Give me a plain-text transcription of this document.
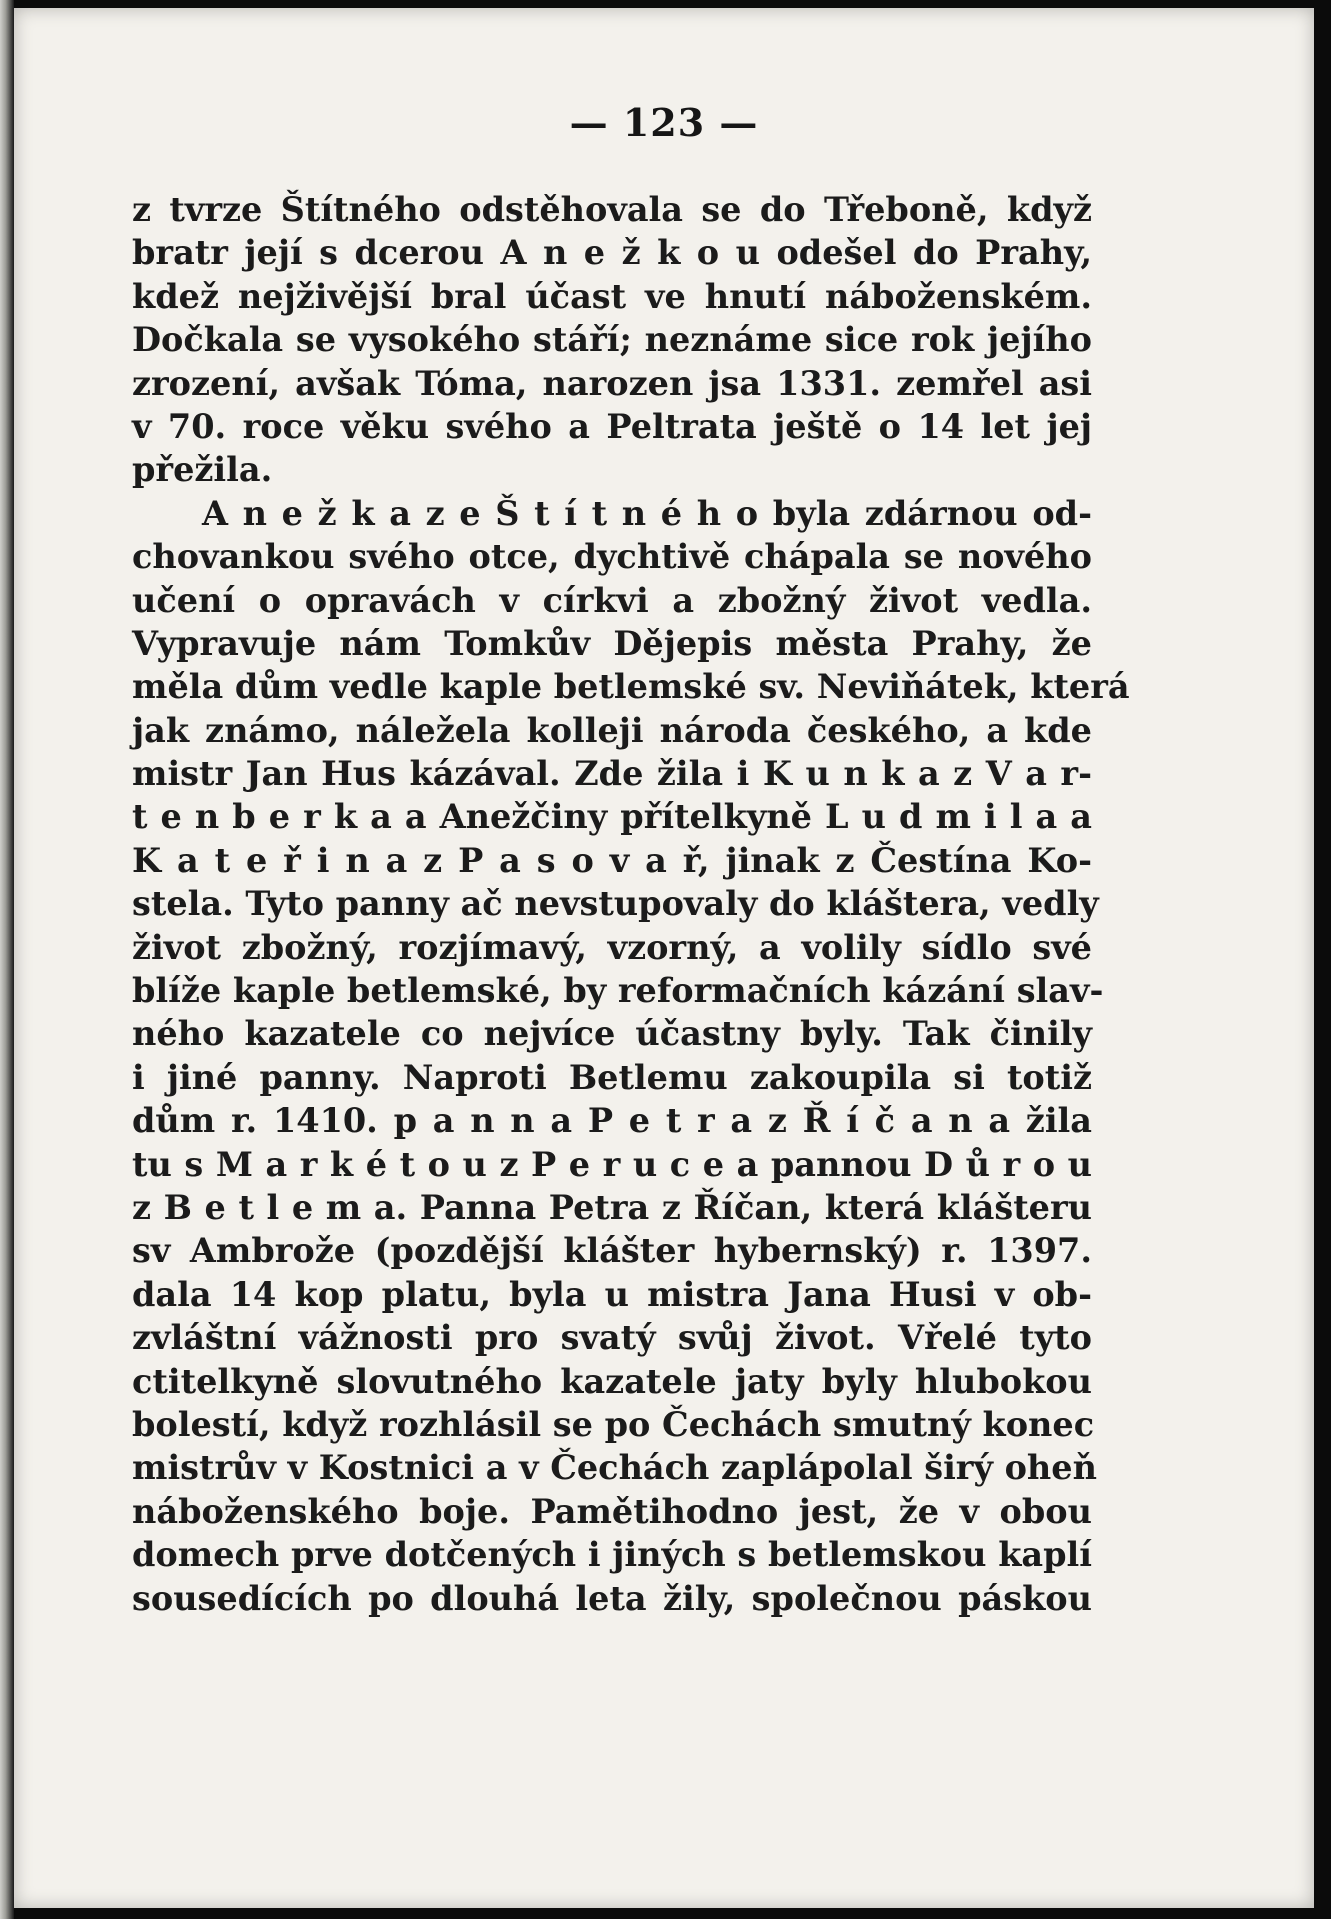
— 123 —
z tvrze Štítného odstěhovala se do Třeboně, když
bratr její s dcerou A n e ž k o u odešel do Prahy,
kdež nejživější bral účast ve hnutí náboženském.
Dočkala se vysokého stáří; neznáme sice rok jejího
zrození, avšak Tóma, narozen jsa 1331. zemřel asi
v 70. roce věku svého a Peltrata ještě o 14 let jej
přežila.
A n e ž k a z e Š t í t n é h o byla zdárnou od-
chovankou svého otce, dychtivě chápala se nového
učení o opravách v církvi a zbožný život vedla.
Vypravuje nám Tomkův Dějepis města Prahy, že
měla dům vedle kaple betlemské sv. Neviňátek, která
jak známo, náležela kolleji národa českého, a kde
mistr Jan Hus kázával. Zde žila i K u n k a z V a r-
t e n b e r k a a Anežčiny přítelkyně L u d m i l a a
K a t e ř i n a z P a s o v a ř, jinak z Čestína Ko-
stela. Tyto panny ač nevstupovaly do kláštera, vedly
život zbožný, rozjímavý, vzorný, a volily sídlo své
blíže kaple betlemské, by reformačních kázání slav-
ného kazatele co nejvíce účastny byly. Tak činily
i jiné panny. Naproti Betlemu zakoupila si totiž
dům r. 1410. p a n n a P e t r a z Ř í č a n a žila
tu s M a r k é t o u z P e r u c e a pannou D ů r o u
z B e t l e m a. Panna Petra z Říčan, která klášteru
sv Ambrože (pozdější klášter hybernský) r. 1397.
dala 14 kop platu, byla u mistra Jana Husi v ob-
zvláštní vážnosti pro svatý svůj život. Vřelé tyto
ctitelkyně slovutného kazatele jaty byly hlubokou
bolestí, když rozhlásil se po Čechách smutný konec
mistrův v Kostnici a v Čechách zaplápolal širý oheň
náboženského boje. Pamětihodno jest, že v obou
domech prve dotčených i jiných s betlemskou kaplí
sousedících po dlouhá leta žily, společnou páskou
